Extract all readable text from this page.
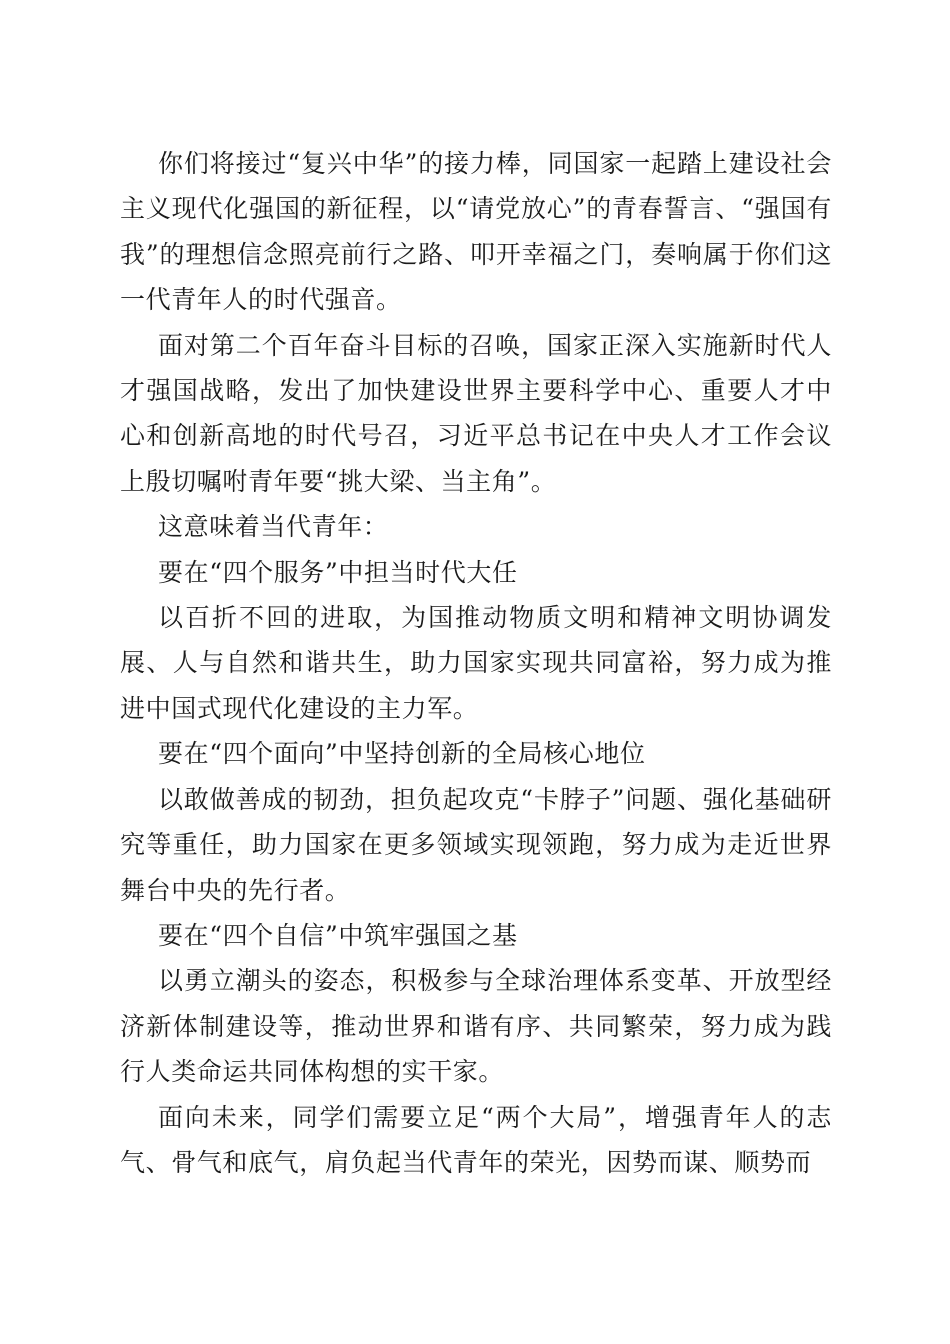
你们将接过“复兴中华”的接力棒，同国家一起踏上建设社会主义现代化强国的新征程，以“请党放心”的青春誓言、“强国有我”的理想信念照亮前行之路、叩开幸福之门，奏响属于你们这一代青年人的时代强音。

面对第二个百年奋斗目标的召唤，国家正深入实施新时代人才强国战略，发出了加快建设世界主要科学中心、重要人才中心和创新高地的时代号召，习近平总书记在中央人才工作会议上殷切嘱咐青年要“挑大梁、当主角”。

这意味着当代青年：

要在“四个服务”中担当时代大任

以百折不回的进取，为国推动物质文明和精神文明协调发展、人与自然和谐共生，助力国家实现共同富裕，努力成为推进中国式现代化建设的主力军。

要在“四个面向”中坚持创新的全局核心地位

以敢做善成的韧劲，担负起攻克“卡脖子”问题、强化基础研究等重任，助力国家在更多领域实现领跑，努力成为走近世界舞台中央的先行者。

要在“四个自信”中筑牢强国之基

以勇立潮头的姿态，积极参与全球治理体系变革、开放型经济新体制建设等，推动世界和谐有序、共同繁荣，努力成为践行人类命运共同体构想的实干家。

面向未来，同学们需要立足“两个大局”，增强青年人的志气、骨气和底气，肩负起当代青年的荣光，因势而谋、顺势而
